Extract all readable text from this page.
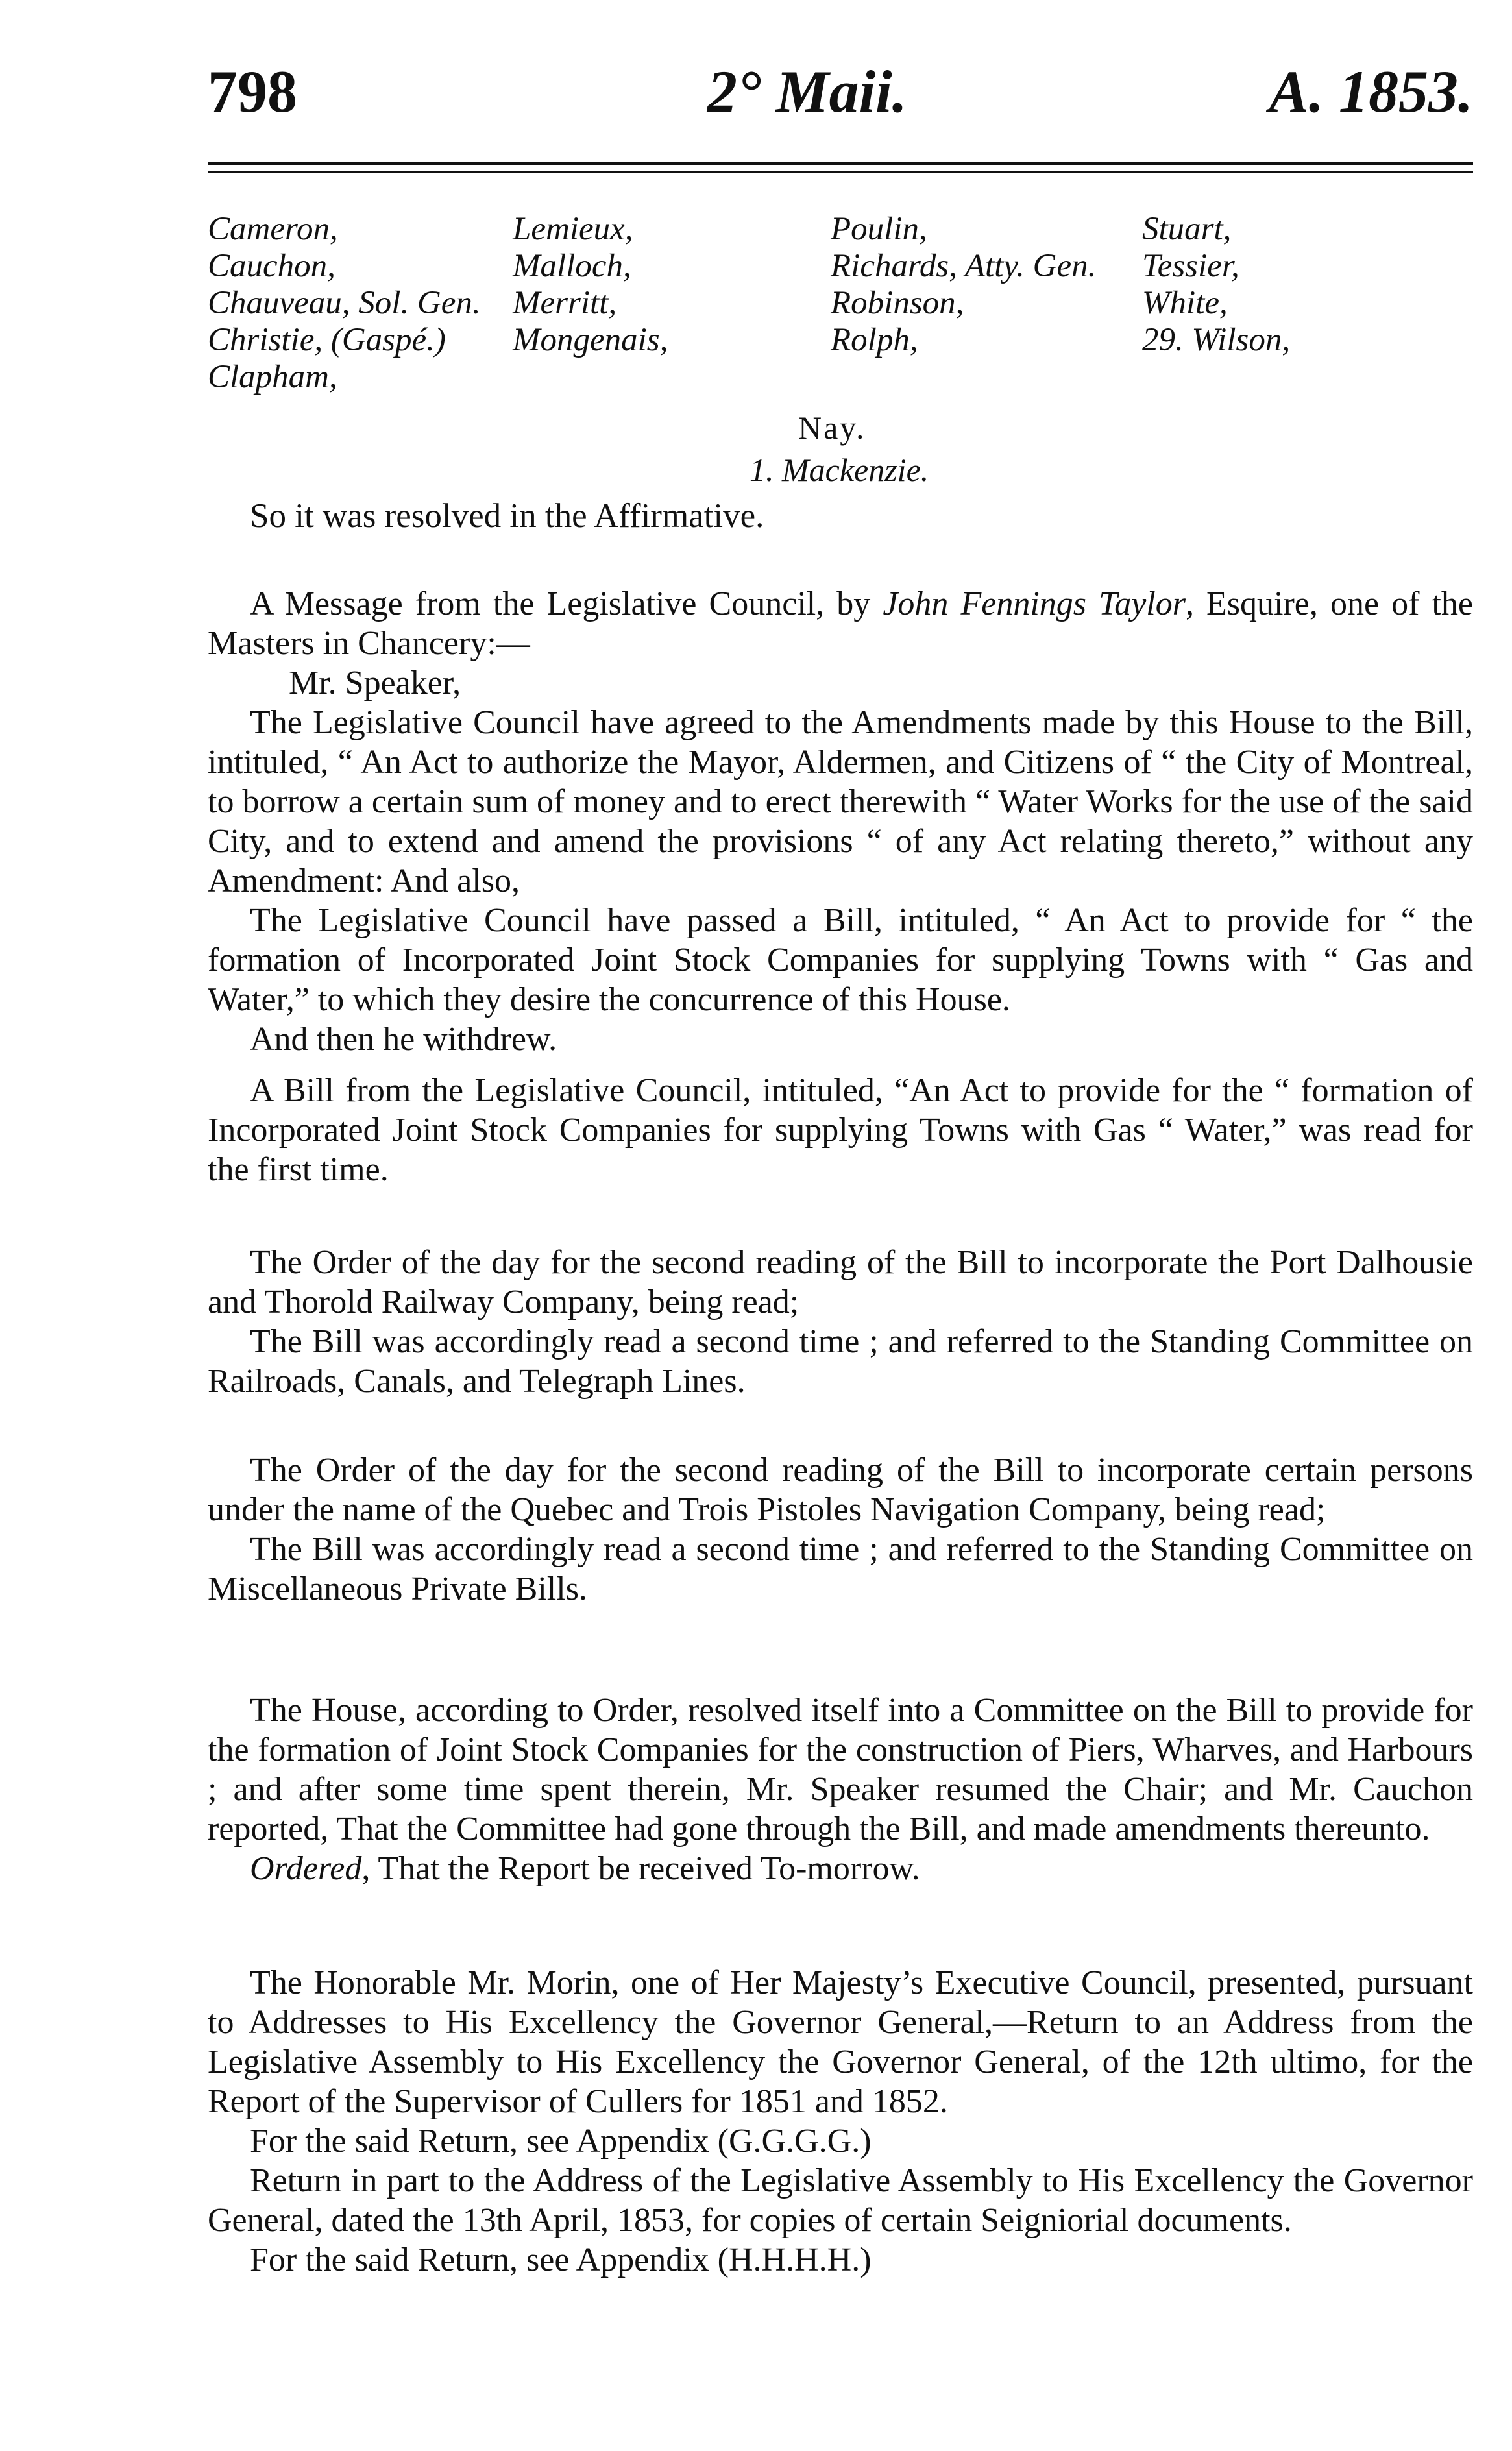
798	2° Maii.	A. 1853.
Cameron,
Cauchon,
Chauveau, Sol. Gen.
Christie, (Gaspé.)
Clapham,
Lemieux,
Malloch,
Merritt,
Mongenais,
Poulin,
Richards, Atty. Gen.
Robinson,
Rolph,
Stuart,
Tessier,
White,
29. Wilson,
Nay.
1. Mackenzie.
So it was resolved in the Affirmative.

A Message from the Legislative Council, by John Fennings Taylor, Esquire, one of the Masters in Chancery:—

Mr. Speaker,

The Legislative Council have agreed to the Amendments made by this House to the Bill, intituled, “ An Act to authorize the Mayor, Aldermen, and Citizens of “ the City of Montreal, to borrow a certain sum of money and to erect therewith “ Water Works for the use of the said City, and to extend and amend the provisions “ of any Act relating thereto,” without any Amendment: And also,

The Legislative Council have passed a Bill, intituled, “ An Act to provide for “ the formation of Incorporated Joint Stock Companies for supplying Towns with “ Gas and Water,” to which they desire the concurrence of this House.

And then he withdrew.

A Bill from the Legislative Council, intituled, “An Act to provide for the “ formation of Incorporated Joint Stock Companies for supplying Towns with Gas “ Water,” was read for the first time.

The Order of the day for the second reading of the Bill to incorporate the Port Dalhousie and Thorold Railway Company, being read;

The Bill was accordingly read a second time ; and referred to the Standing Committee on Railroads, Canals, and Telegraph Lines.

The Order of the day for the second reading of the Bill to incorporate certain persons under the name of the Quebec and Trois Pistoles Navigation Company, being read;

The Bill was accordingly read a second time ; and referred to the Standing Committee on Miscellaneous Private Bills.

The House, according to Order, resolved itself into a Committee on the Bill to provide for the formation of Joint Stock Companies for the construction of Piers, Wharves, and Harbours ; and after some time spent therein, Mr. Speaker resumed the Chair; and Mr. Cauchon reported, That the Committee had gone through the Bill, and made amendments thereunto.

Ordered, That the Report be received To-morrow.

The Honorable Mr. Morin, one of Her Majesty’s Executive Council, presented, pursuant to Addresses to His Excellency the Governor General,—Return to an Address from the Legislative Assembly to His Excellency the Governor General, of the 12th ultimo, for the Report of the Supervisor of Cullers for 1851 and 1852.

For the said Return, see Appendix (G.G.G.G.)

Return in part to the Address of the Legislative Assembly to His Excellency the Governor General, dated the 13th April, 1853, for copies of certain Seigniorial documents.

For the said Return, see Appendix (H.H.H.H.)
